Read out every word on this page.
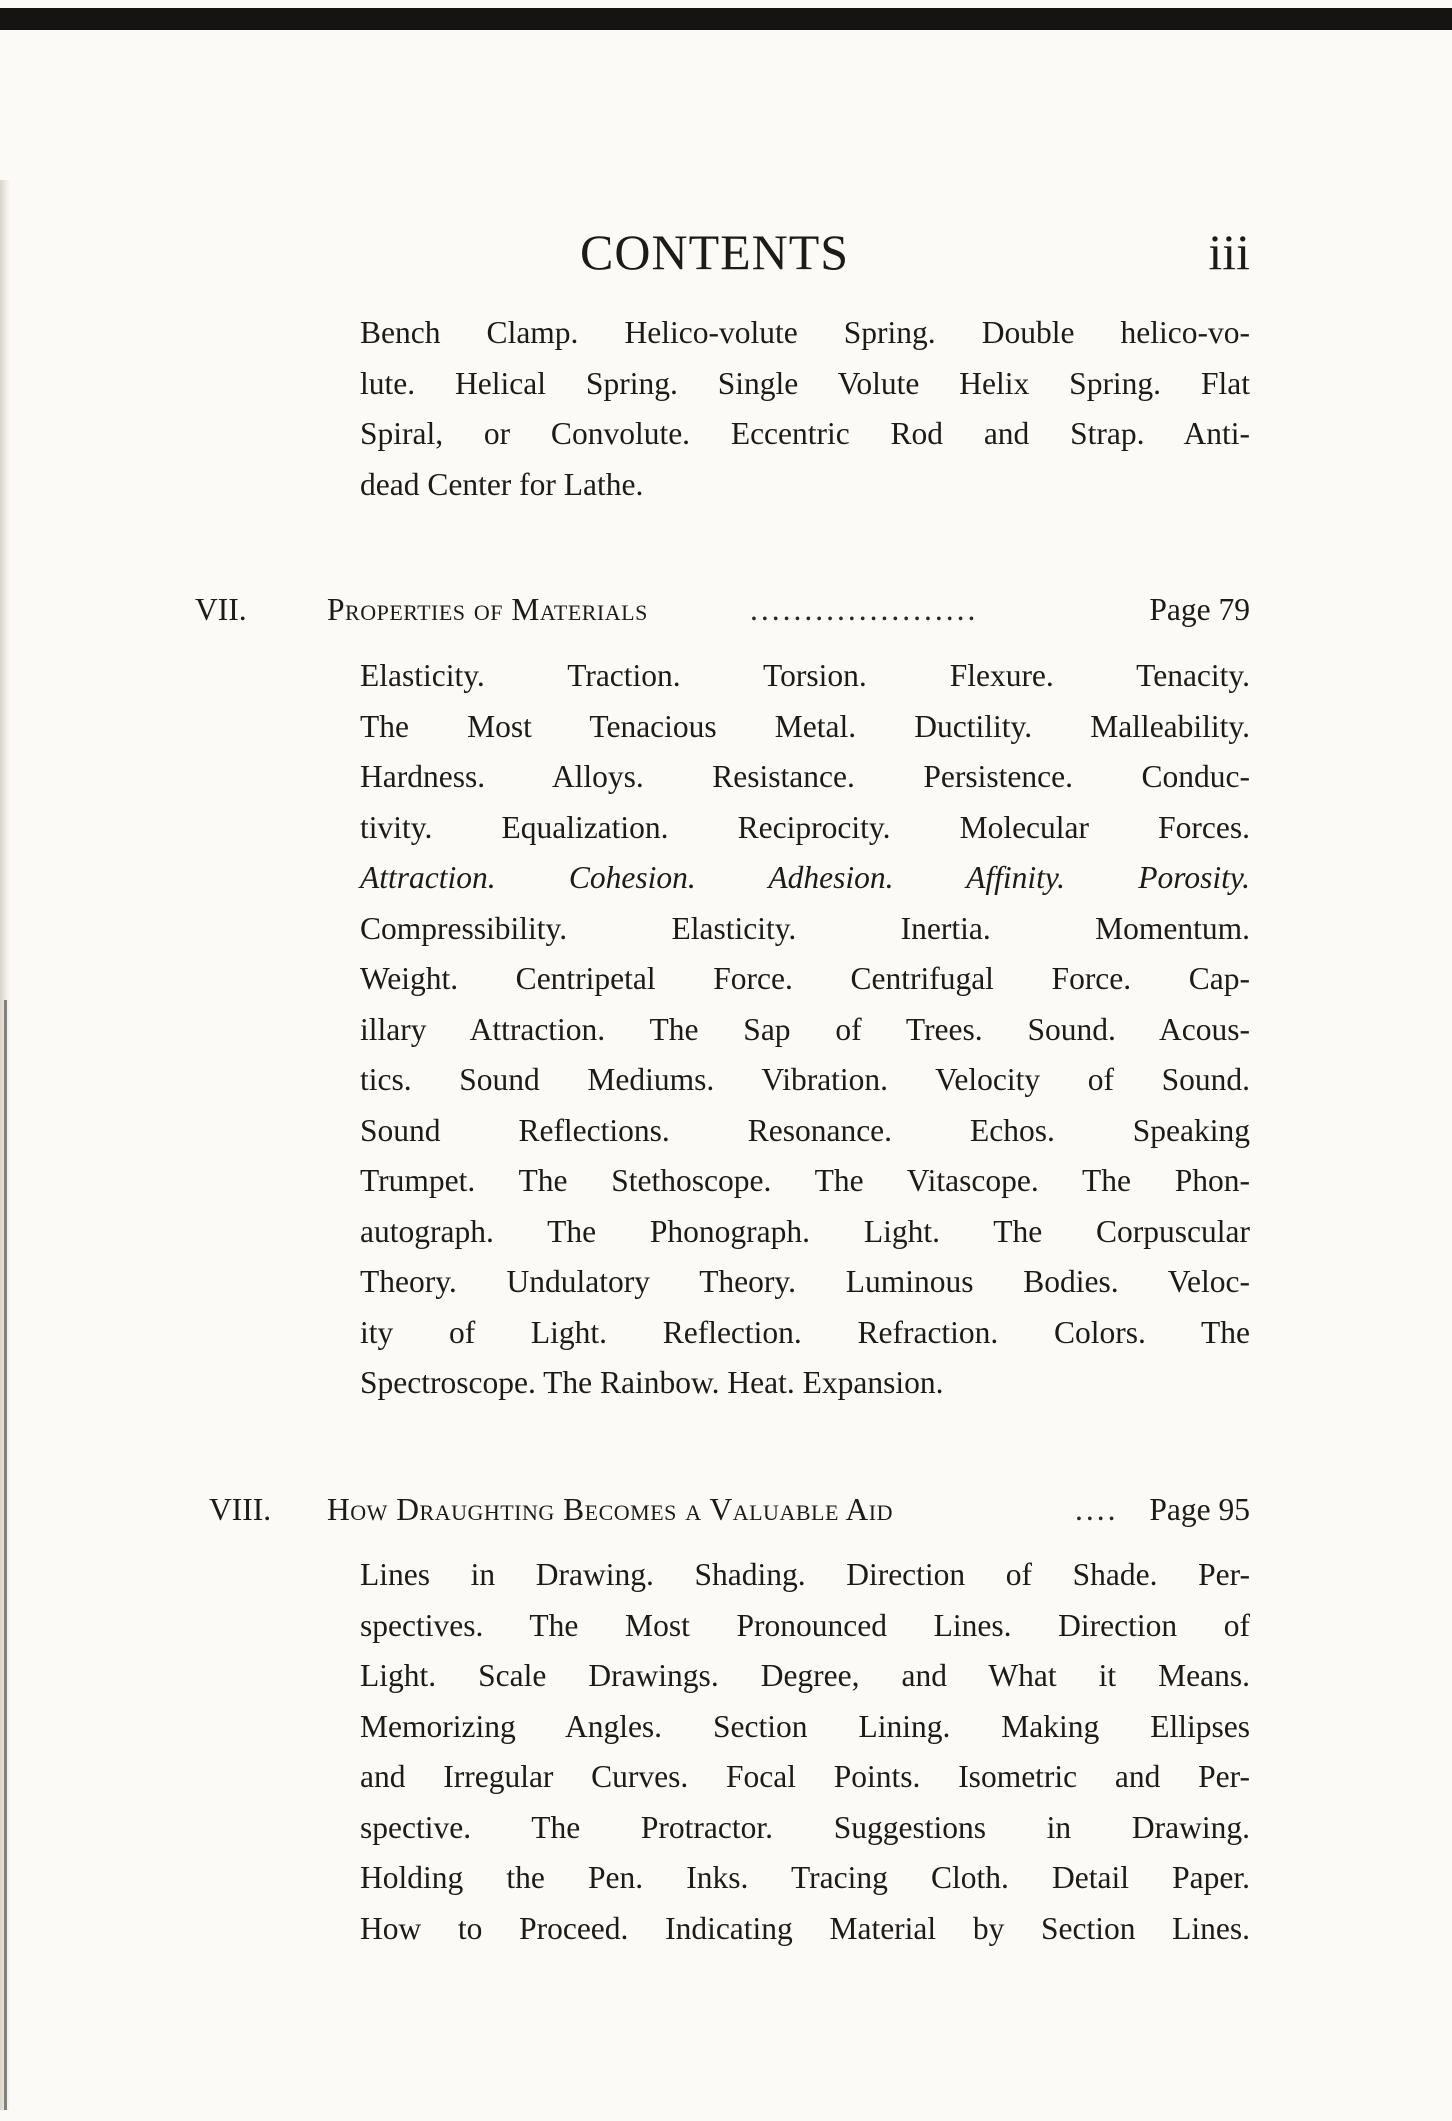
CONTENTS	iii
Bench Clamp. Helico-volute Spring. Double helico-vo-
lute. Helical Spring. Single Volute Helix Spring. Flat
Spiral, or Convolute. Eccentric Rod and Strap. Anti-
dead Center for Lathe.
VII.	Properties of Materials	.....................	Page 79
Elasticity. Traction. Torsion. Flexure. Tenacity.
The Most Tenacious Metal. Ductility. Malleability.
Hardness. Alloys. Resistance. Persistence. Conduc-
tivity. Equalization. Reciprocity. Molecular Forces.
Attraction. Cohesion. Adhesion. Affinity. Porosity.
Compressibility. Elasticity. Inertia. Momentum.
Weight. Centripetal Force. Centrifugal Force. Cap-
illary Attraction. The Sap of Trees. Sound. Acous-
tics. Sound Mediums. Vibration. Velocity of Sound.
Sound Reflections. Resonance. Echos. Speaking
Trumpet. The Stethoscope. The Vitascope. The Phon-
autograph. The Phonograph. Light. The Corpuscular
Theory. Undulatory Theory. Luminous Bodies. Veloc-
ity of Light. Reflection. Refraction. Colors. The
Spectroscope. The Rainbow. Heat. Expansion.
VIII. How Draughting Becomes a Valuable Aid	.... Page 95
Lines in Drawing. Shading. Direction of Shade. Per-
spectives. The Most Pronounced Lines. Direction of
Light. Scale Drawings. Degree, and What it Means.
Memorizing Angles. Section Lining. Making Ellipses
and Irregular Curves. Focal Points. Isometric and Per-
spective. The Protractor. Suggestions in Drawing.
Holding the Pen. Inks. Tracing Cloth. Detail Paper.
How to Proceed. Indicating Material by Section Lines.
